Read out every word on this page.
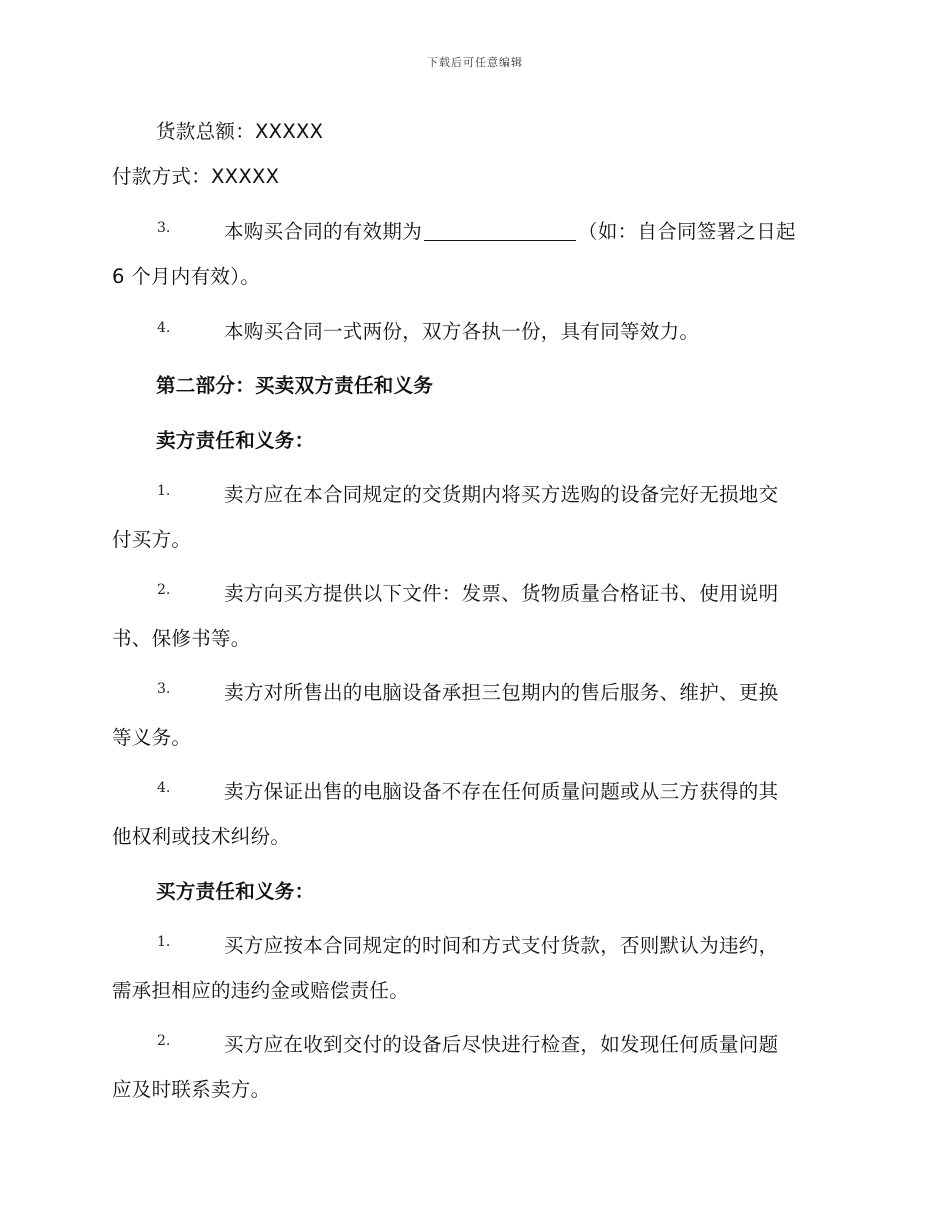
下载后可任意编辑
货款总额：XXXXX
付款方式：XXXXX
3.	本购买合同的有效期为	（如：自合同签署之日起
6 个月内有效）。
4.	本购买合同一式两份，双方各执一份，具有同等效力。
第二部分：买卖双方责任和义务
卖方责任和义务：
1.	卖方应在本合同规定的交货期内将买方选购的设备完好无损地交
付买方。
2.	卖方向买方提供以下文件：发票、货物质量合格证书、使用说明
书、保修书等。
3.	卖方对所售出的电脑设备承担三包期内的售后服务、维护、更换
等义务。
4.	卖方保证出售的电脑设备不存在任何质量问题或从三方获得的其
他权利或技术纠纷。
买方责任和义务：
1.	买方应按本合同规定的时间和方式支付货款，否则默认为违约，
需承担相应的违约金或赔偿责任。
2.	买方应在收到交付的设备后尽快进行检查，如发现任何质量问题
应及时联系卖方。
